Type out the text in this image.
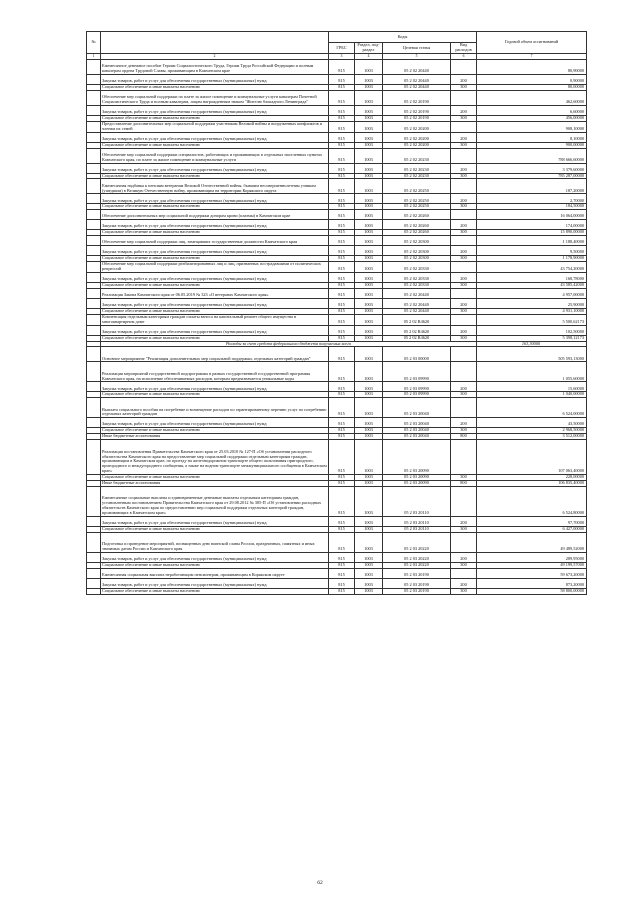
№		Коды				Годовой объем ассигнований
		ГРБС	Раздел, под-раздел	Целевая статья	Вид расходов	
1	2	3	4	5	6	7
	Ежемесячное денежное пособие Героям Социалистического Труда, Героям Труда Российской Федерации и полным кавалерам ордена Трудовой Славы, проживающим в Камчатском крае	815	1003	05 2 02 20440		80,90000
	Закупка товаров, работ и услуг для обеспечения государственных (муниципальных) нужд	815	1003	05 2 02 20440	200	0,90000
	Социальное обеспечение и иные выплаты населению	815	1003	05 2 02 20440	300	80,00000
	Обеспечение мер социальной поддержки по плате за жилое помещение и коммунальные услуги кавалерам Почетной Социалистического Труда и полным кавалерам, лицам награжденным знаком "Жителю блокадного Ленинграда"	815	1003	05 2 02 20190		462,60000
	Закупка товаров, работ и услуг для обеспечения государственных (муниципальных) нужд	815	1003	05 2 02 20190	200	6,60000
	Социальное обеспечение и иные выплаты населению	815	1003	05 2 02 20190	300	456,00000
	Предоставление дополнительных мер социальной поддержки участникам Великой войны и вооруженных конфликтов и членам их семей	815	1003	05 2 02 20200		908,10000
	Закупка товаров, работ и услуг для обеспечения государственных (муниципальных) нужд	815	1003	05 2 02 20200	200	8,10000
	Социальное обеспечение и иные выплаты населению	815	1003	05 2 02 20200	300	900,00000
	Обеспечение мер социальной поддержки специалистов, работающих и проживающих в отдельных населенных пунктах Камчатского края, по плате за жилое помещение и коммунальные услуги	815	1003	05 2 02 20230		788 666,60000
	Закупка товаров, работ и услуг для обеспечения государственных (муниципальных) нужд	815	1003	05 2 02 20230	200	3 379,60000
	Социальное обеспечение и иные выплаты населению	815	1003	05 2 02 20230	300	785 287,00000
	Ежемесячная надбавка к пенсиям ветеранам Великой Отечественной войны, бывшим несовершеннолетним узникам (ушедшим) в Великую Отечественную войну, проживающим на территории Корякского округа	815	1003	05 2 02 20250		187,20000
	Закупка товаров, работ и услуг для обеспечения государственных (муниципальных) нужд	815	1003	05 2 02 20250	200	2,70000
	Социальное обеспечение и иные выплаты населению	815	1003	05 2 02 20250	300	184,50000
	Обеспечение дополнительных мер социальной поддержки донорам крови (плазмы) в Камчатском крае	815	1003	05 2 02 20260		16 064,00000
	Закупка товаров, работ и услуг для обеспечения государственных (муниципальных) нужд	815	1003	05 2 02 20260	200	174,00000
	Социальное обеспечение и иные выплаты населению	815	1003	05 2 02 20260	300	15 890,00000
	Обеспечение мер социальной поддержки лиц, замещавших государственные должности Камчатского края	815	1003	05 2 02 20300		1 188,40000
	Закупка товаров, работ и услуг для обеспечения государственных (муниципальных) нужд	815	1003	05 2 02 20300	200	9,50000
	Социальное обеспечение и иные выплаты населению	815	1003	05 2 02 20300	300	1 178,90000
	Обеспечение мер социальной поддержки реабилитированных лиц и лиц, признанных пострадавшими от политических репрессий	815	1003	05 2 02 20330		43 754,20000
	Закупка товаров, работ и услуг для обеспечения государственных (муниципальных) нужд	815	1003	05 2 02 20330	200	168,78000
	Социальное обеспечение и иные выплаты населению	815	1003	05 2 02 20330	300	43 585,42000
	Реализация Закона Камчатского края от 06.05.2019 № 323 «О ветеранах Камчатского края»	815	1003	05 2 02 20440		4 957,00000
	Закупка товаров, работ и услуг для обеспечения государственных (муниципальных) нужд	815	1003	05 2 02 20440	200	25,90000
	Социальное обеспечение и иные выплаты населению	815	1003	05 2 02 20440	300	4 931,10000
	Компенсация отдельным категориям граждан оплаты взноса на капитальный ремонт общего имущества в многоквартирном доме	815	1003	05 2 02 R4620		5 500,62173
	Закупка товаров, работ и услуг для обеспечения государственных (муниципальных) нужд	815	1003	05 2 02 R4620	200	102,50000
	Социальное обеспечение и иные выплаты населению	815	1003	05 2 02 R4620	300	5 398,12173
	Расходы за счет средств федерального бюджета получаемых всего					163,30000
	Основное мероприятие "Реализация дополнительных мер социальной поддержки, отдельных категорий граждан"	815	1003	05 2 03 00000		505 593,13000
	Реализация мероприятий государственной подпрограммы в рамках государственной государственной программы Камчатского края, на исполнение обеспечиваемых расходов, которым предназначается уникальные коды	815	1003	05 2 03 09990		1 055,60000
	Закупка товаров, работ и услуг для обеспечения государственных (муниципальных) нужд	815	1003	05 2 03 09990	200	15,60000
	Социальное обеспечение и иные выплаты населению	815	1003	05 2 03 09990	300	1 040,00000
	Выплата социального пособия на погребение и возмещение расходов по гарантированному перечню услуг по погребению отдельных категорий граждан	815	1003	05 2 03 20040		6 524,00000
	Закупка товаров, работ и услуг для обеспечения государственных (муниципальных) нужд	815	1003	05 2 03 20040	200	43,50000
	Социальное обеспечение и иные выплаты населению	815	1003	05 2 03 20040	300	2 968,50000
	Иные бюджетные ассигнования	815	1003	05 2 03 20040	800	3 512,00000
	Реализация постановления Правительства Камчатского края от 25.03.2010 № 127-П «Об установлении расходного обязательства Камчатского края на предоставление мер социальной поддержки отдельным категориям граждан, проживающим в Камчатском крае, по проезду на железнодорожном транспорте общего пользования пригородного, пригородного и междугороднего сообщения, а также на водном транспорте межмуниципального сообщения в Камчатском крае»	815	1003	05 2 03 20090		107 063,40000
	Социальное обеспечение и иные выплаты населению	815	1003	05 2 03 20090	300	228,00000
	Иные бюджетные ассигнования	815	1003	05 2 03 20090	800	106 835,40000
	Ежемесячные социальные выплаты и единовременные денежные выплаты отдельным категориям граждан, установленным постановлением Правительства Камчатского края от 29.08.2012 № 385-П «Об установлении расходных обязательств Камчатского края по предоставлению мер социальной поддержки отдельных категорий граждан, проживающих в Камчатском крае»	815	1003	05 2 03 20110		6 524,80000
	Закупка товаров, работ и услуг для обеспечения государственных (муниципальных) нужд	815	1003	05 2 03 20110	200	97,70000
	Социальное обеспечение и иные выплаты населению	815	1003	05 2 03 20110	300	6 427,00000
	Подготовка и проведение мероприятий, посвященных дню воинской славы России, праздничных, памятных и иных значимых датам России и Камчатского края	815	1003	05 2 03 20220		49 489,52000
	Закупка товаров, работ и услуг для обеспечения государственных (муниципальных) нужд	815	1003	05 2 03 20220	200	289,95000
	Социальное обеспечение и иные выплаты населению	815	1003	05 2 03 20220	300	49 199,57000
	Ежемесячная социальная выплата неработающим пенсионерам, проживающим в Корякском округе	815	1003	05 2 03 20190		59 673,20000
	Закупка товаров, работ и услуг для обеспечения государственных (муниципальных) нужд	815	1003	05 2 03 20190	200	873,20000
	Социальное обеспечение и иные выплаты населению	815	1003	05 2 03 20190	300	58 800,00000
62
